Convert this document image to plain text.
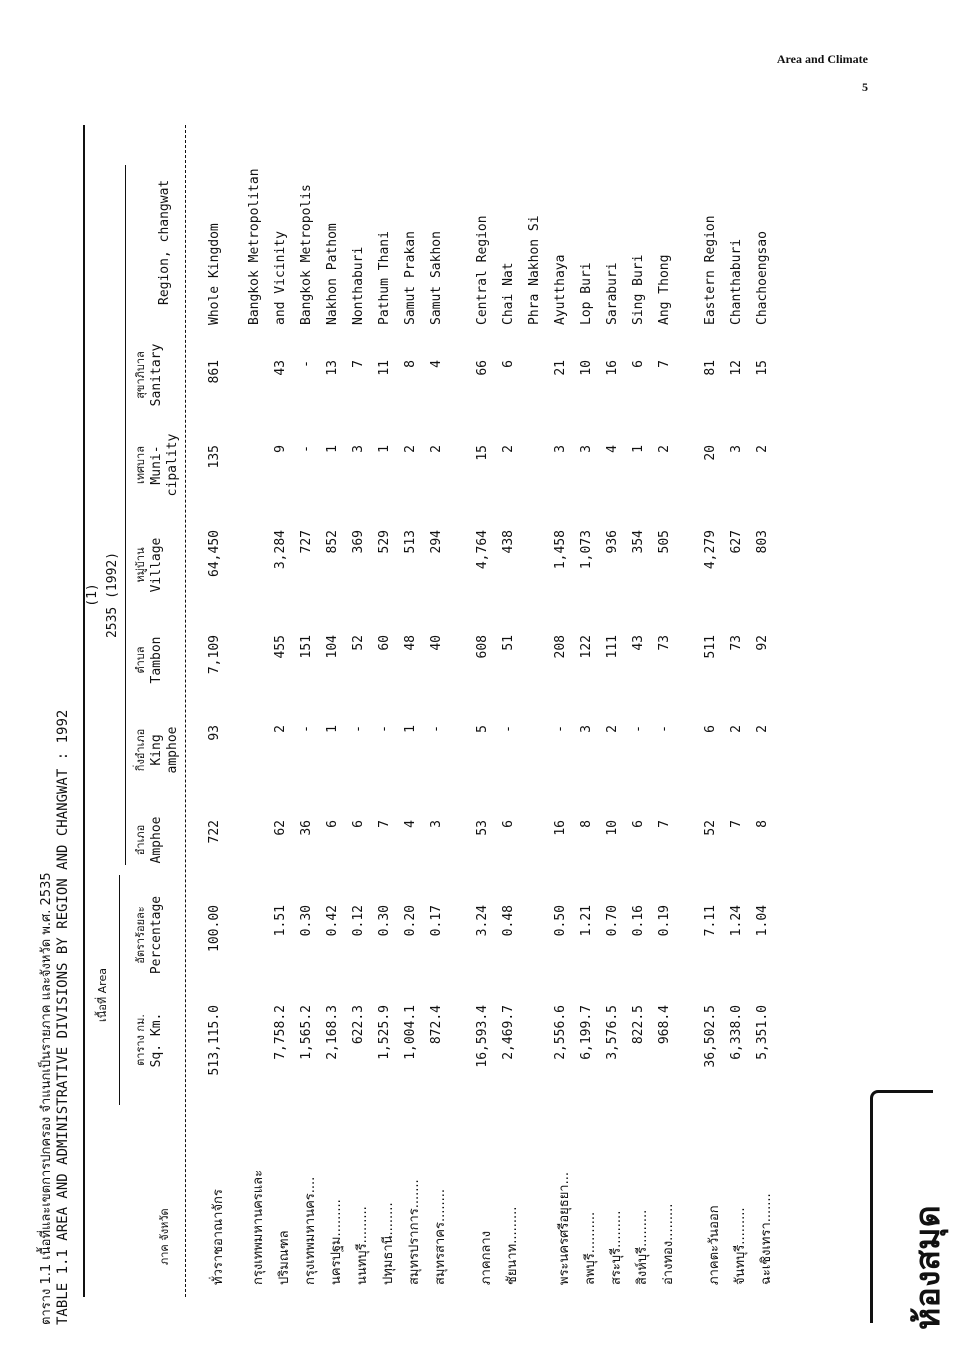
Area and Climate
5
ตาราง 1.1 เนื้อที่และเขตการปกครอง จำแนกเป็นรายภาค และจังหวัด พ.ศ. 2535 TABLE 1.1 AREA AND ADMINISTRATIVE DIVISIONS BY REGION AND CHANGWAT : 1992	ภาค จังหวัด
เนื้อที่ Area
(1) 2535 (1992)
ตาราง กม. Sq. Km.
อัตราร้อยละ Percentage
อำเภอ Amphoe
กิ่งอำเภอ King amphoe
ตำบล Tambon
หมู่บ้าน Village
เทศบาล Muni- cipality
สุขาภิบาล Sanitary
Region, changwat
ทั่วราชอาณาจักร
513,115.0
100.00
722
93
7,109
64,450
135
861
Whole Kingdom
กรุงเทพมหานครและ
Bangkok Metropolitan
ปริมณฑล
7,758.2
1.51
62
2
455
3,284
9
43
and Vicinity
กรุงเทพมหานคร....
1,565.2
0.30
36
-
151
727
-
-
Bangkok Metropolis
นครปฐม.........
2,168.3
0.42
6
1
104
852
1
13
Nakhon Pathom
นนทบุรี.........
622.3
0.12
6
-
52
369
3
7
Nonthaburi
ปทุมธานี........
1,525.9
0.30
7
-
60
529
1
11
Pathum Thani
สมุทรปราการ.......
1,004.1
0.20
4
1
48
513
2
8
Samut Prakan
สมุทรสาคร........
872.4
0.17
3
-
40
294
2
4
Samut Sakhon
ภาคกลาง
16,593.4
3.24
53
5
608
4,764
15
66
Central Region
ชัยนาท.........
2,469.7
0.48
6
-
51
438
2
6
Chai Nat Phra Nakhon Si
พระนครศรีอยุธยา...
2,556.6
0.50
16
-
208
1,458
3
21
Ayutthaya
ลพบุรี..........
6,199.7
1.21
8
3
122
1,073
3
10
Lop Buri
สระบุรี.........
3,576.5
0.70
10
2
111
936
4
16
Saraburi
สิงห์บุรี.........
822.5
0.16
6
-
43
354
1
6
Sing Buri
อ่างทอง.........
968.4
0.19
7
-
73
505
2
7
Ang Thong
ภาคตะวันออก
36,502.5
7.11
52
6
511
4,279
20
81
Eastern Region
จันทบุรี.........
6,338.0
1.24
7
2
73
627
3
12
Chanthaburi
ฉะเชิงเทรา.......
5,351.0
1.04
8
2
92
803
2
15
Chachoengsao
ห้องสมุด
